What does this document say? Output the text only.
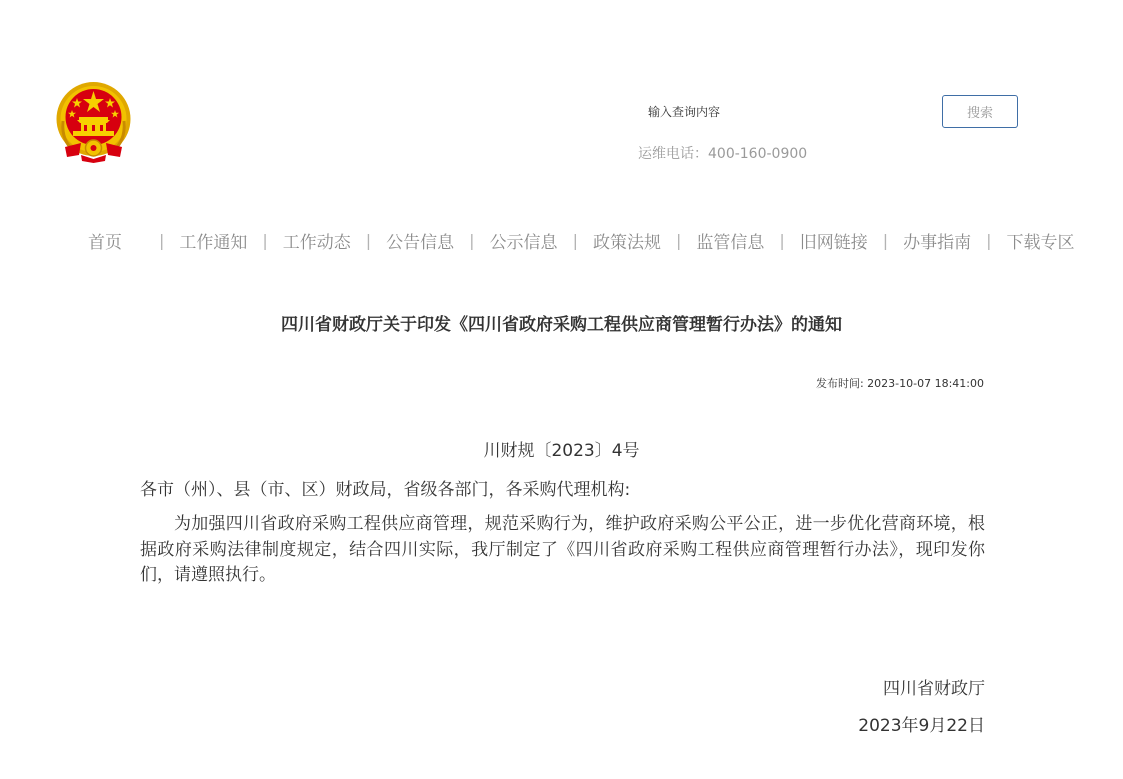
输入查询内容
搜索
运维电话：400-160-0900
首页 | 工作通知 | 工作动态 | 公告信息 | 公示信息 | 政策法规 | 监管信息 | 旧网链接 | 办事指南 | 下载专区
四川省财政厅关于印发《四川省政府采购工程供应商管理暂行办法》的通知
发布时间: 2023-10-07 18:41:00
川财规〔2023〕4号
各市（州）、县（市、区）财政局，省级各部门，各采购代理机构:

为加强四川省政府采购工程供应商管理，规范采购行为，维护政府采购公平公正，进一步优化营商环境，根据政府采购法律制度规定，结合四川实际，我厅制定了《四川省政府采购工程供应商管理暂行办法》，现印发你们，请遵照执行。

四川省财政厅
2023年9月22日
